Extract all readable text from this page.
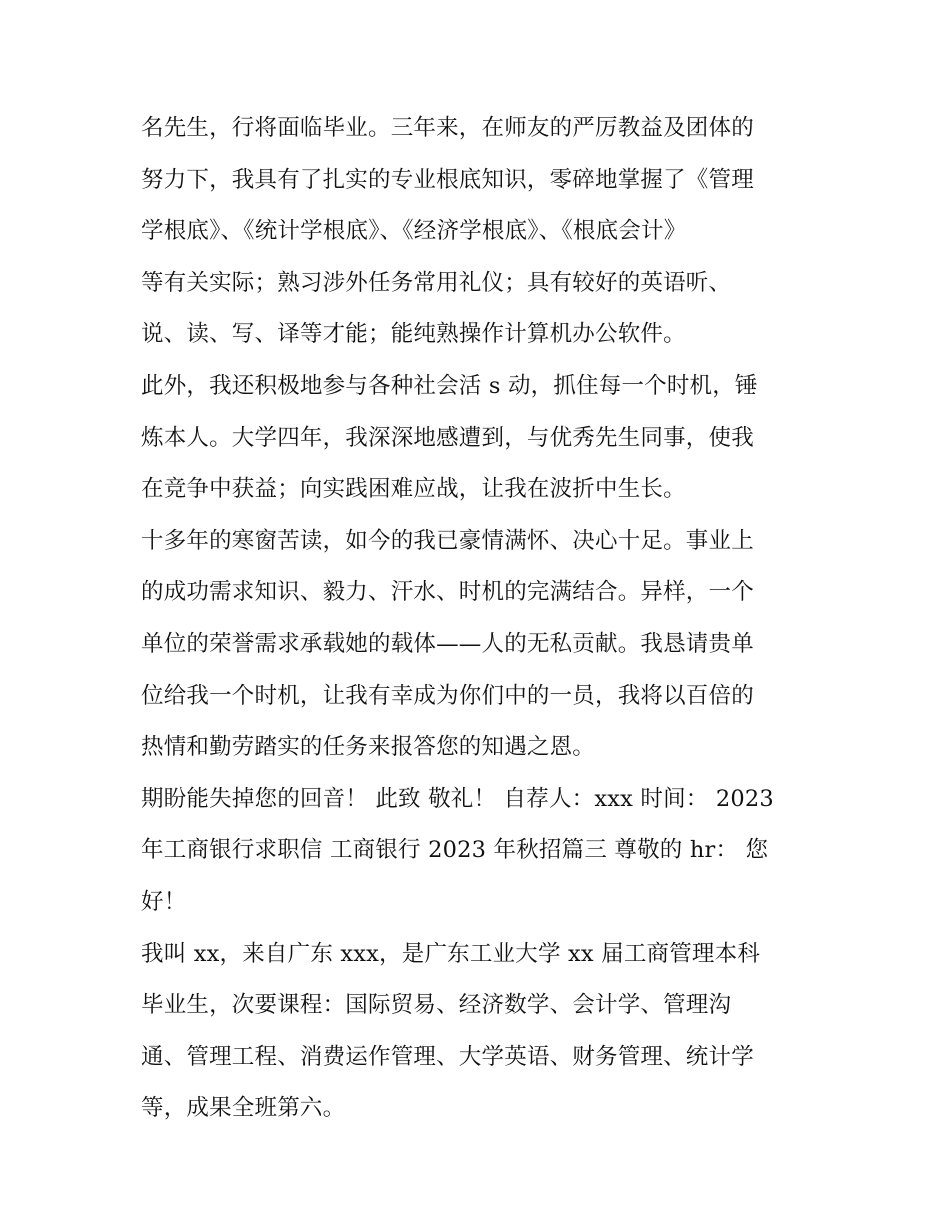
名先生，行将面临毕业。三年来，在师友的严厉教益及团体的
努力下，我具有了扎实的专业根底知识，零碎地掌握了《管理
学根底》、《统计学根底》、《经济学根底》、《根底会计》
等有关实际；熟习涉外任务常用礼仪；具有较好的英语听、
说、读、写、译等才能；能纯熟操作计算机办公软件。
此外，我还积极地参与各种社会活 s 动，抓住每一个时机，锤
炼本人。大学四年，我深深地感遭到，与优秀先生同事，使我
在竞争中获益；向实践困难应战，让我在波折中生长。
十多年的寒窗苦读，如今的我已豪情满怀、决心十足。事业上
的成功需求知识、毅力、汗水、时机的完满结合。异样，一个
单位的荣誉需求承载她的载体——人的无私贡献。我恳请贵单
位给我一个时机，让我有幸成为你们中的一员，我将以百倍的
热情和勤劳踏实的任务来报答您的知遇之恩。
期盼能失掉您的回音！ 此致 敬礼！ 自荐人：xxx 时间： 2023
年工商银行求职信 工商银行 2023 年秋招篇三 尊敬的 hr： 您
好！
我叫 xx，来自广东 xxx，是广东工业大学 xx 届工商管理本科
毕业生，次要课程：国际贸易、经济数学、会计学、管理沟
通、管理工程、消费运作管理、大学英语、财务管理、统计学
等，成果全班第六。
